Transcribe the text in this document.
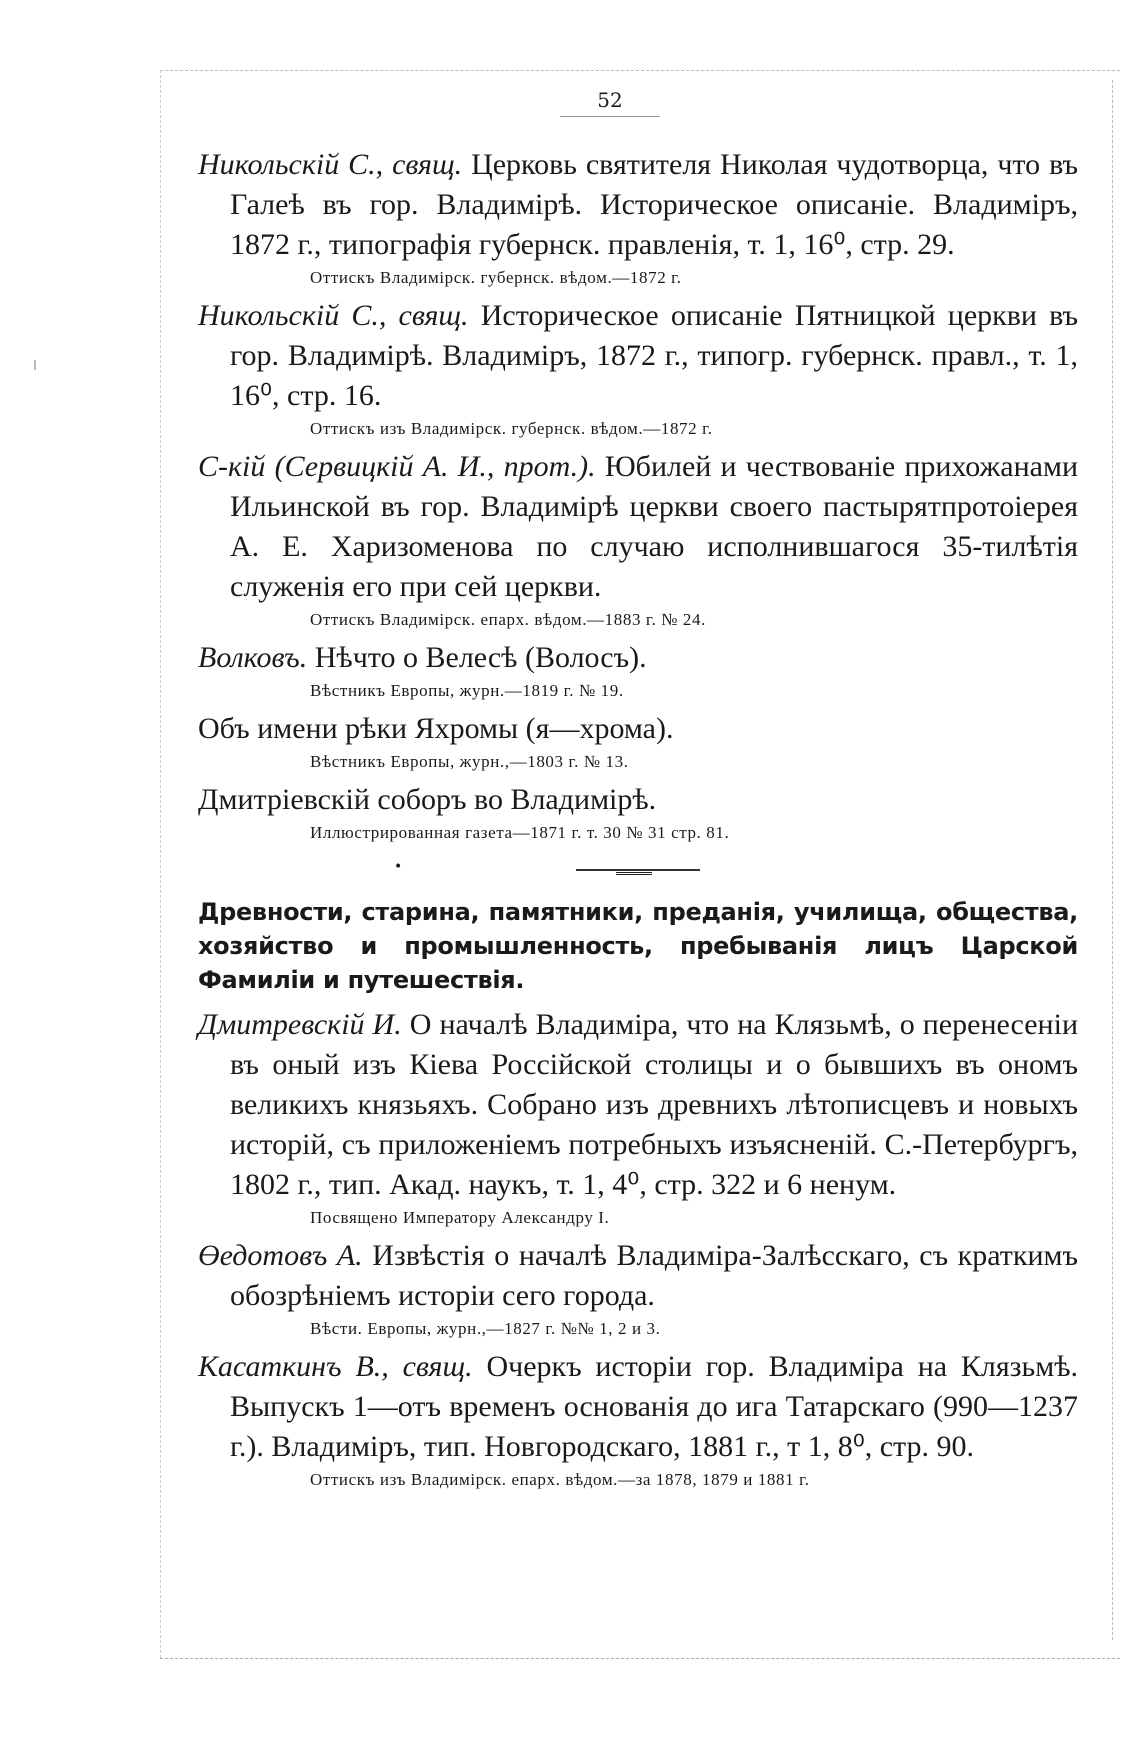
52
Никольскій С., свящ. Церковь святителя Николая чудотворца, что въ Галеѣ въ гор. Владимірѣ. Историческое описаніе. Владиміръ, 1872 г., типографія губернск. правленія, т. 1, 16⁰, стр. 29.
Оттискъ Владимірск. губернск. вѣдом.—1872 г.
Никольскій С., свящ. Историческое описаніе Пятницкой церкви въ гор. Владимірѣ. Владиміръ, 1872 г., типогр. губернск. правл., т. 1, 16⁰, стр. 16.
Оттискъ изъ Владимірск. губернск. вѣдом.—1872 г.
С-кій (Сервицкій А. И., прот.). Юбилей и чествованіе прихожанами Ильинской въ гор. Владимірѣ церкви своего пастырятпротоіерея А. Е. Харизоменова по случаю исполнившагося 35-тилѣтія служенія его при сей церкви.
Оттискъ Владимірск. епарх. вѣдом.—1883 г. № 24.
Волковъ. Нѣчто о Велесѣ (Волосъ).
Вѣстникъ Европы, журн.—1819 г. № 19.
Объ имени рѣки Яхромы (я—хрома).
Вѣстникъ Европы, журн.,—1803 г. № 13.
Дмитріевскій соборъ во Владимірѣ.
Иллюстрированная газета—1871 г. т. 30 № 31 стр. 81.
•
Древности, старина, памятники, преданія, училища, общества, хозяйство и промышленность, пребыванія лицъ Царской Фамиліи и путешествія.
Дмитревскій И. О началѣ Владиміра, что на Клязьмѣ, о перенесеніи въ оный изъ Кіева Россійской столицы и о бывшихъ въ ономъ великихъ князьяхъ. Собрано изъ древнихъ лѣтописцевъ и новыхъ исторій, съ приложеніемъ потребныхъ изъясненій. С.-Петербургъ, 1802 г., тип. Акад. наукъ, т. 1, 4⁰, стр. 322 и 6 ненум.
Посвящено Императору Александру I.
Өедотовъ А. Извѣстія о началѣ Владиміра-Залѣсскаго, съ краткимъ обозрѣніемъ исторіи сего города.
Вѣсти. Европы, журн.,—1827 г. №№ 1, 2 и 3.
Касаткинъ В., свящ. Очеркъ исторіи гор. Владиміра на Клязьмѣ. Выпускъ 1—отъ временъ основанія до ига Татарскаго (990—1237 г.). Владиміръ, тип. Новгородскаго, 1881 г., т 1, 8⁰, стр. 90.
Оттискъ изъ Владимірск. епарх. вѣдом.—за 1878, 1879 и 1881 г.
